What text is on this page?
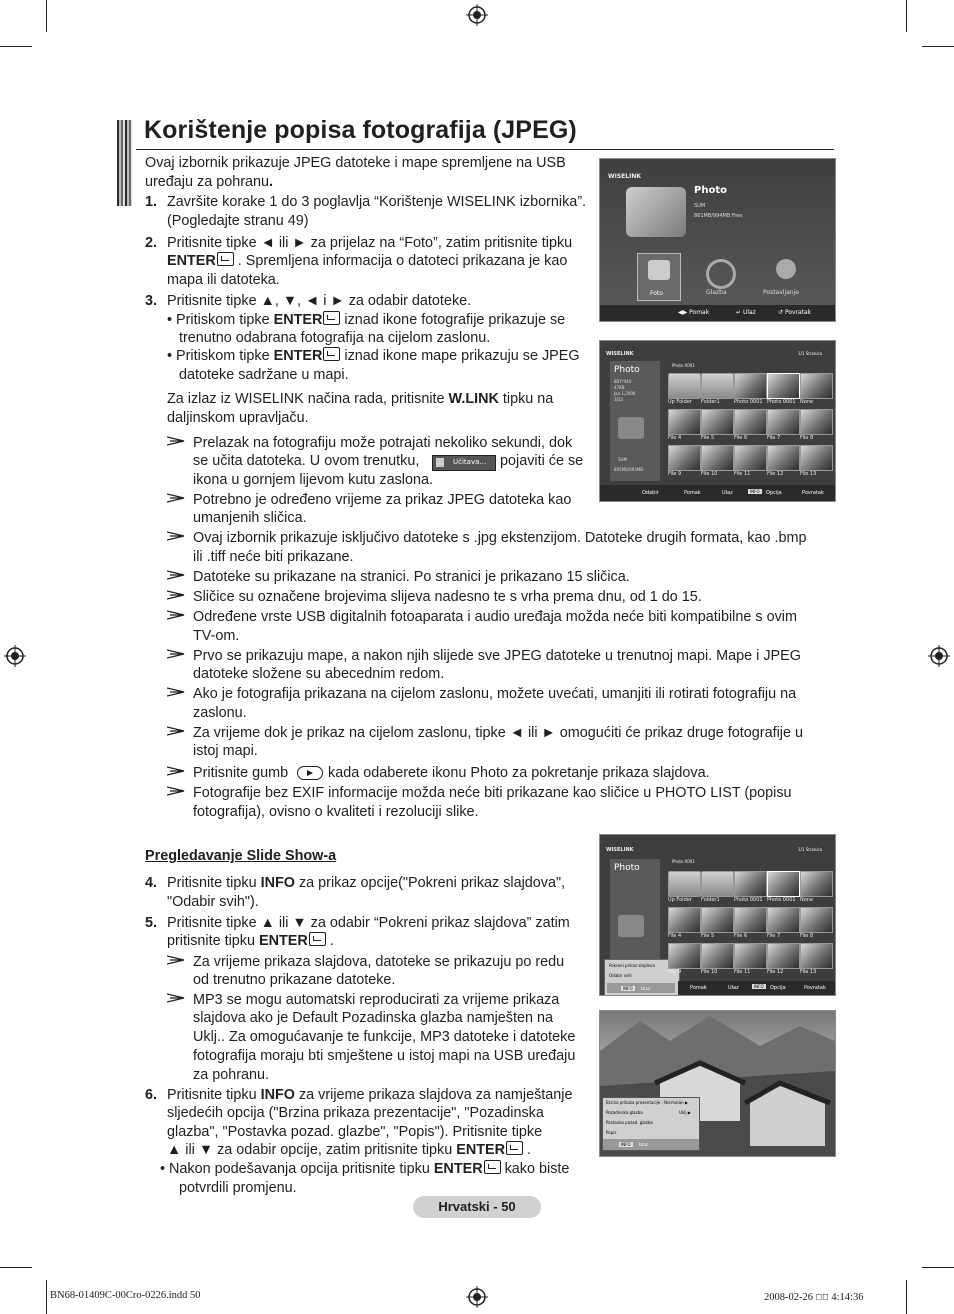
Korištenje popisa fotografija (JPEG)
Ovaj izbornik prikazuje JPEG datoteke i mape spremljene na USB
uređaju za pohranu.
1. Završite korake 1 do 3 poglavlja “Korištenje WISELINK izbornika”.
(Pogledajte stranu 49)
2. Pritisnite tipke ◄ ili ► za prijelaz na “Foto”, zatim pritisnite tipku
ENTER . Spremljena informacija o datoteci prikazana je kao
mapa ili datoteka.
3. Pritisnite tipke ▲, ▼, ◄ i ► za odabir datoteke.
• Pritiskom tipke ENTER iznad ikone fotografije prikazuje se
trenutno odabrana fotografija na cijelom zaslonu.
• Pritiskom tipke ENTER iznad ikone mape prikazuju se JPEG
datoteke sadržane u mapi.
Za izlaz iz WISELINK načina rada, pritisnite W.LINK tipku na
daljinskom upravljaču.
Prelazak na fotografiju može potrajati nekoliko sekundi, dok
se učita datoteka. U ovom trenutku,	Učitava... pojaviti će se
ikona u gornjem lijevom kutu zaslona.
Potrebno je određeno vrijeme za prikaz JPEG datoteka kao
umanjenih sličica.
Ovaj izbornik prikazuje isključivo datoteke s .jpg ekstenzijom. Datoteke drugih formata, kao .bmp
ili .tiff neće biti prikazane.
Datoteke su prikazane na stranici. Po stranici je prikazano 15 sličica.
Sličice su označene brojevima slijeva nadesno te s vrha prema dnu, od 1 do 15.
Određene vrste USB digitalnih fotoaparata i audio uređaja možda neće biti kompatibilne s ovim
TV-om.
Prvo se prikazuju mape, a nakon njih slijede sve JPEG datoteke u trenutnoj mapi. Mape i JPEG
datoteke složene su abecednim redom.
Ako je fotografija prikazana na cijelom zaslonu, možete uvećati, umanjiti ili rotirati fotografiju na
zaslonu.
Za vrijeme dok je prikaz na cijelom zaslonu, tipke ◄ ili ► omogućiti će prikaz druge fotografije u
istoj mapi.
Pritisnite gumb	kada odaberete ikonu Photo za pokretanje prikaza slajdova.
Fotografije bez EXIF informacije možda neće biti prikazane kao sličice u PHOTO LIST (popisu
fotografija), ovisno o kvaliteti i rezoluciji slike.
Pregledavanje Slide Show-a
4. Pritisnite tipku INFO za prikaz opcije("Pokreni prikaz slajdova",
"Odabir svih").
5. Pritisnite tipke ▲ ili ▼ za odabir “Pokreni prikaz slajdova” zatim
pritisnite tipku ENTER .
Za vrijeme prikaza slajdova, datoteke se prikazuju po redu
od trenutno prikazane datoteke.
MP3 se mogu automatski reproducirati za vrijeme prikaza
slajdova ako je Default Pozadinska glazba namješten na
Uklj.. Za omogućavanje te funkcije, MP3 datoteke i datoteke
fotografija moraju bti smještene u istoj mapi na USB uređaju
za pohranu.
6. Pritisnite tipku INFO za vrijeme prikaza slajdova za namještanje
sljedećih opcija ("Brzina prikaza prezentacije", "Pozadinska
glazba", "Postavka pozad. glazbe", "Popis"). Pritisnite tipke
▲ ili ▼ za odabir opcije, zatim pritisnite tipku ENTER .
• Nakon podešavanja opcija pritisnite tipku ENTER kako biste
potvrdili promjenu.
WISELINK
Photo
SUM
861MB/994MB Free
Foto	Glazba	Postavljanje
◀▶ Pomak	↵ Ulaz	↺ Povratak
WISELINK	1/1 Stranica
Photo
887*440
47KB
Jan 1,2008
3/22
SUM
895MB/993MB
Photo 0001
Odabir	Pomak	Ulaz	INFO	Opcija	Povratak
Up Folder Folder1	Photo 0001 Photo 0001 None
File 4	File 5	File 6	File 7	File 8
File 9	File 10	File 11	File 12	File 13
WISELINK	1/1 Stranica
Photo
Photo 0001
Pokreni prikaz slajdova
Odabir svih
INFO	Izlaz	Pomak	Ulaz	INFO	Opcija	Povratak
Up Folder Folder1	Photo 0001 Photo 0001 None
File 4	File 5	File 6	File 7	File 8
File 9	File 10	File 11	File 12	File 13
Brzina prikaza prezentacije : Normalan ▶
Pozadinska glazba	Uklj ▶
Postavka pozad. glazbe
Popis
INFO	Izlaz
Hrvatski - 50
BN68-01409C-00Cro-0226.indd 50	2008-02-26 ﾿﾿ 4:14:36
